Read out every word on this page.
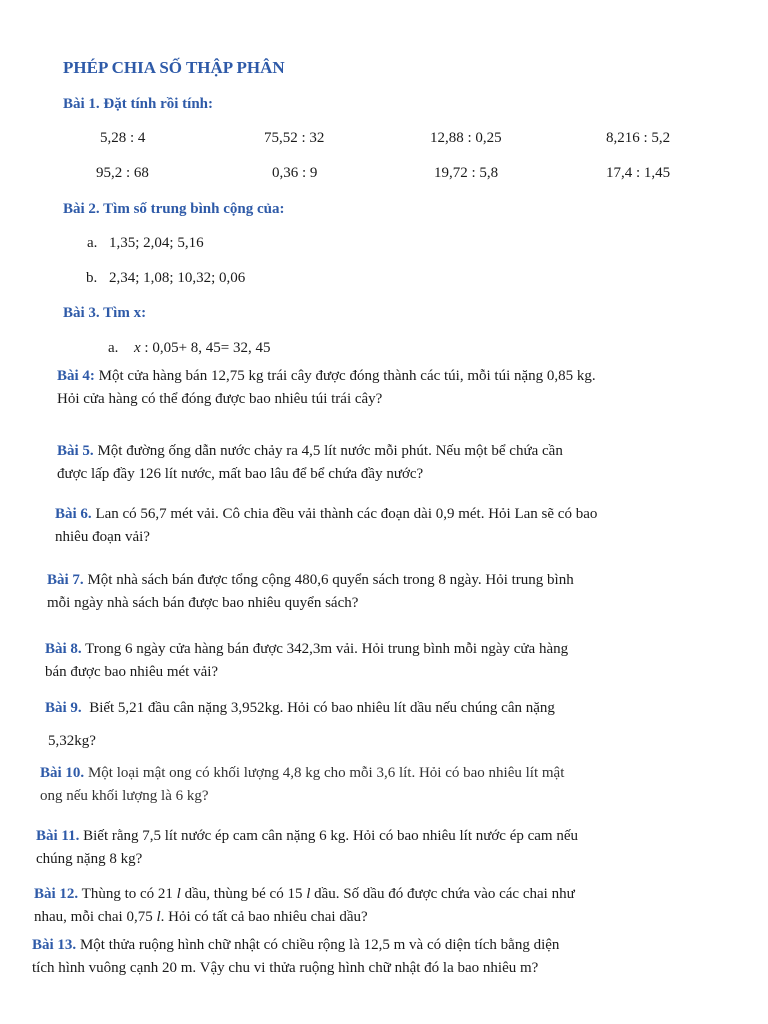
PHÉP CHIA SỐ THẬP PHÂN
Bài 1. Đặt tính rồi tính:
5,28 : 4	75,52 : 32	12,88 : 0,25	8,216 : 5,2
95,2 : 68	0,36 : 9	19,72 : 5,8	17,4 : 1,45
Bài 2. Tìm số trung bình cộng của:
a. 1,35; 2,04; 5,16
b. 2,34; 1,08; 10,32; 0,06
Bài 3. Tìm x:
a. x : 0,05+ 8, 45= 32, 45
Bài 4: Một cửa hàng bán 12,75 kg trái cây được đóng thành các túi, mỗi túi nặng 0,85 kg.
Hỏi cửa hàng có thể đóng được bao nhiêu túi trái cây?
Bài 5. Một đường ống dẫn nước chảy ra 4,5 lít nước mỗi phút. Nếu một bể chứa cần
được lấp đầy 126 lít nước, mất bao lâu để bể chứa đầy nước?
Bài 6. Lan có 56,7 mét vải. Cô chia đều vải thành các đoạn dài 0,9 mét. Hỏi Lan sẽ có bao
nhiêu đoạn vải?
Bài 7. Một nhà sách bán được tổng cộng 480,6 quyển sách trong 8 ngày. Hỏi trung bình
mỗi ngày nhà sách bán được bao nhiêu quyển sách?
Bài 8. Trong 6 ngày cửa hàng bán được 342,3m vải. Hỏi trung bình mỗi ngày cửa hàng
bán được bao nhiêu mét vải?
Bài 9.  Biết 5,21 đầu cân nặng 3,952kg. Hỏi có bao nhiêu lít dầu nếu chúng cân nặng
5,32kg?
Bài 10. Một loại mật ong có khối lượng 4,8 kg cho mỗi 3,6 lít. Hỏi có bao nhiêu lít mật
ong nếu khối lượng là 6 kg?
Bài 11. Biết rằng 7,5 lít nước ép cam cân nặng 6 kg. Hỏi có bao nhiêu lít nước ép cam nếu
chúng nặng 8 kg?
Bài 12. Thùng to có 21 l dầu, thùng bé có 15 l dầu. Số dầu đó được chứa vào các chai như
nhau, mỗi chai 0,75 l. Hỏi có tất cả bao nhiêu chai dầu?
Bài 13. Một thửa ruộng hình chữ nhật có chiều rộng là 12,5 m và có diện tích bằng diện
tích hình vuông cạnh 20 m. Vậy chu vi thửa ruộng hình chữ nhật đó la bao nhiêu m?
